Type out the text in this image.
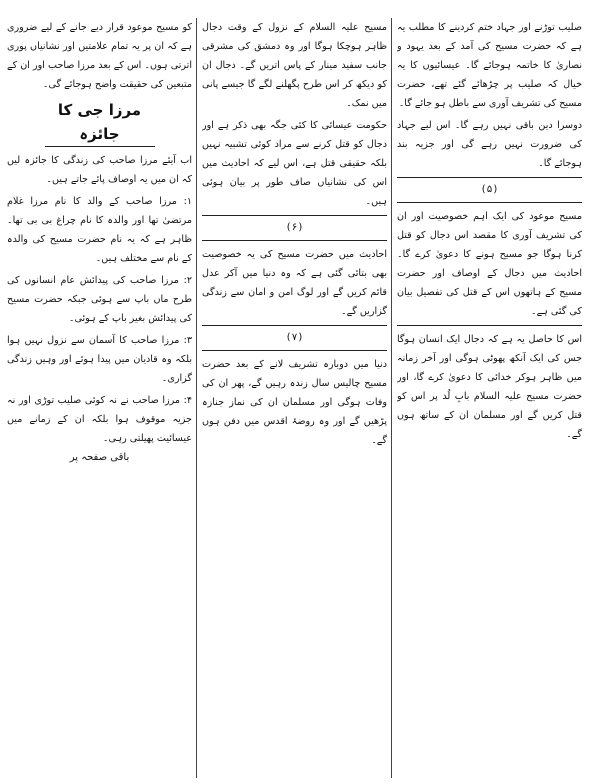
صلیب توڑنے اور جہاد ختم کردینے کا مطلب یہ ہے کہ حضرت مسیح کی آمد کے بعد یہود و نصاریٰ کا خاتمہ ہوجائے گا۔ عیسائیوں کا یہ خیال کہ صلیب پر چڑھائے گئے تھے، حضرت مسیح کی تشریف آوری سے باطل ہو جائے گا۔

دوسرا دین باقی نہیں رہے گا۔ اس لیے جہاد کی ضرورت نہیں رہے گی اور جزیہ بند ہوجائے گا۔

(۵)

مسیح موعود کی ایک اہم خصوصیت اور ان کی تشریف آوری کا مقصد اس دجال کو قتل کرنا ہوگا جو مسیح ہونے کا دعویٰ کرے گا۔ احادیث میں دجال کے اوصاف اور حضرت مسیح کے ہاتھوں اس کے قتل کی تفصیل بیان کی گئی ہے۔

اس کا حاصل یہ ہے کہ دجال ایک انسان ہوگا جس کی ایک آنکھ پھوٹی ہوگی اور آخر زمانہ میں ظاہر ہوکر خدائی کا دعویٰ کرے گا، اور حضرت مسیح علیہ السلام بابِ لُد پر اس کو قتل کریں گے اور مسلمان ان کے ساتھ ہوں گے۔

مسیح علیہ السلام کے نزول کے وقت دجال ظاہر ہوچکا ہوگا اور وہ دمشق کی مشرقی جانب سفید مینار کے پاس اتریں گے۔ دجال ان کو دیکھ کر اس طرح پگھلنے لگے گا جیسے پانی میں نمک۔

حکومت عیسائی کا کئی جگہ بھی ذکر ہے اور دجال کو قتل کرنے سے مراد کوئی تشبیہ نہیں بلکہ حقیقی قتل ہے، اس لیے کہ احادیث میں اس کی نشانیاں صاف طور پر بیان ہوئی ہیں۔

(۶)

احادیث میں حضرت مسیح کی یہ خصوصیت بھی بتائی گئی ہے کہ وہ دنیا میں آکر عدل قائم کریں گے اور لوگ امن و امان سے زندگی گزاریں گے۔

(۷)

دنیا میں دوبارہ تشریف لانے کے بعد حضرت مسیح چالیس سال زندہ رہیں گے، پھر ان کی وفات ہوگی اور مسلمان ان کی نماز جنازہ پڑھیں گے اور وہ روضۂ اقدس میں دفن ہوں گے۔

کو مسیح موعود قرار دیے جانے کے لیے ضروری ہے کہ ان پر یہ تمام علامتیں اور نشانیاں پوری اترتی ہوں۔ اس کے بعد مرزا صاحب اور ان کے متبعین کی حقیقت واضح ہوجائے گی۔

مرزا جی کا جائزہ

اب آیئے مرزا صاحب کی زندگی کا جائزہ لیں کہ ان میں یہ اوصاف پائے جاتے ہیں۔

۱: مرزا صاحب کے والد کا نام مرزا غلام مرتضیٰ تھا اور والدہ کا نام چراغ بی بی تھا۔ ظاہر ہے کہ یہ نام حضرت مسیح کی والدہ کے نام سے مختلف ہیں۔

۲: مرزا صاحب کی پیدائش عام انسانوں کی طرح ماں باپ سے ہوئی جبکہ حضرت مسیح کی پیدائش بغیر باپ کے ہوئی۔

۳: مرزا صاحب کا آسمان سے نزول نہیں ہوا بلکہ وہ قادیان میں پیدا ہوئے اور وہیں زندگی گزاری۔

۴: مرزا صاحب نے نہ کوئی صلیب توڑی اور نہ جزیہ موقوف ہوا بلکہ ان کے زمانے میں عیسائیت پھیلتی رہی۔

باقی صفحہ پر
